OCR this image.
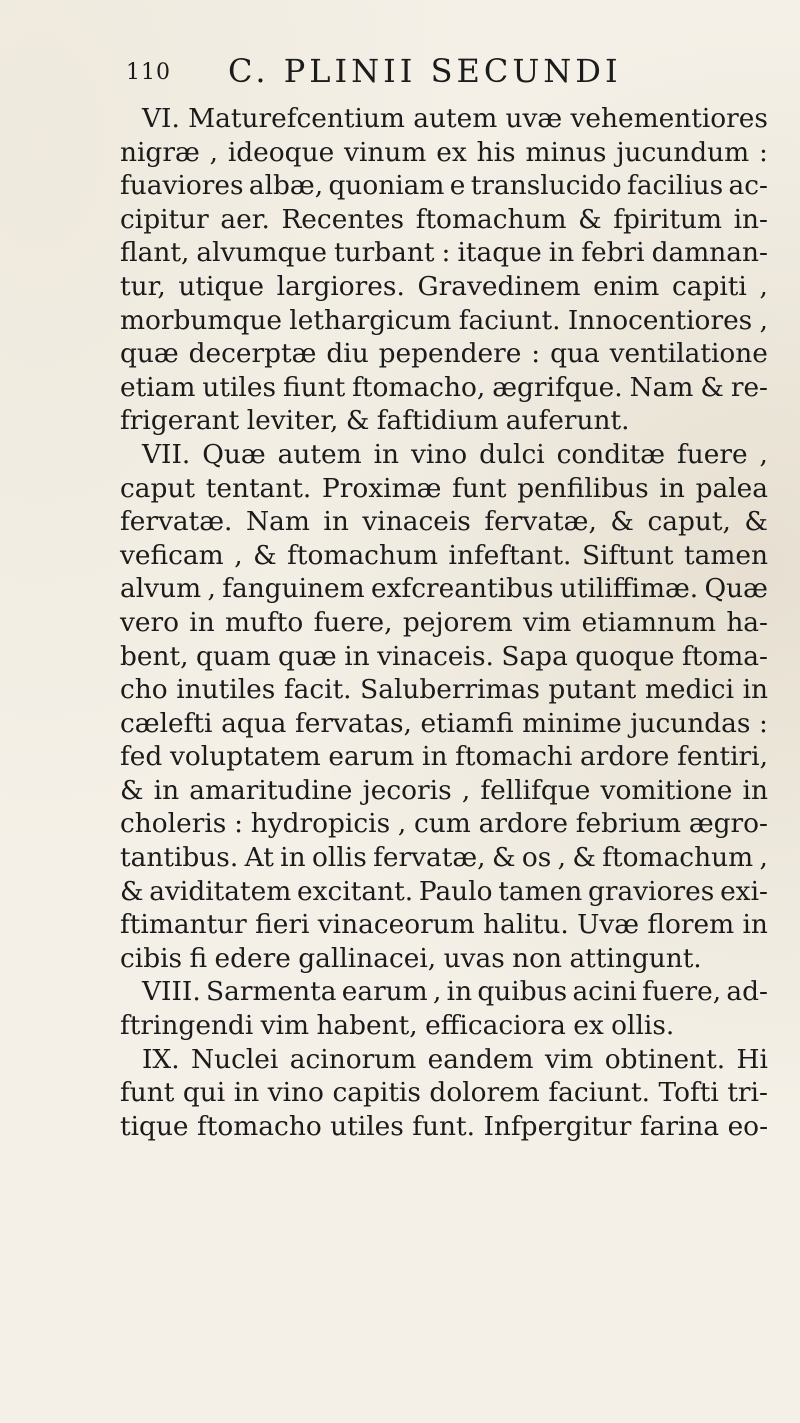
110 C. PLINII SECUNDI
VI. Maturefcentium autem uvæ vehementiores
nigræ , ideoque vinum ex his minus jucundum :
fuaviores albæ, quoniam e translucido facilius ac-
cipitur aer. Recentes ftomachum & fpiritum in-
flant, alvumque turbant : itaque in febri damnan-
tur, utique largiores. Gravedinem enim capiti ,
morbumque lethargicum faciunt. Innocentiores ,
quæ decerptæ diu pependere : qua ventilatione
etiam utiles fiunt ftomacho, ægrifque. Nam & re-
frigerant leviter, & faftidium auferunt.
VII. Quæ autem in vino dulci conditæ fuere ,
caput tentant. Proximæ funt penfilibus in palea
fervatæ. Nam in vinaceis fervatæ, & caput, &
veficam , & ftomachum infeftant. Siftunt tamen
alvum , fanguinem exfcreantibus utiliffimæ. Quæ
vero in mufto fuere, pejorem vim etiamnum ha-
bent, quam quæ in vinaceis. Sapa quoque ftoma-
cho inutiles facit. Saluberrimas putant medici in
cælefti aqua fervatas, etiamfi minime jucundas :
fed voluptatem earum in ftomachi ardore fentiri,
& in amaritudine jecoris , fellifque vomitione in
choleris : hydropicis , cum ardore febrium ægro-
tantibus. At in ollis fervatæ, & os , & ftomachum ,
& aviditatem excitant. Paulo tamen graviores exi-
ftimantur fieri vinaceorum halitu. Uvæ florem in
cibis fi edere gallinacei, uvas non attingunt.
VIII. Sarmenta earum , in quibus acini fuere, ad-
ftringendi vim habent, efficaciora ex ollis.
IX. Nuclei acinorum eandem vim obtinent. Hi
funt qui in vino capitis dolorem faciunt. Tofti tri-
tique ftomacho utiles funt. Infpergitur farina eo-
